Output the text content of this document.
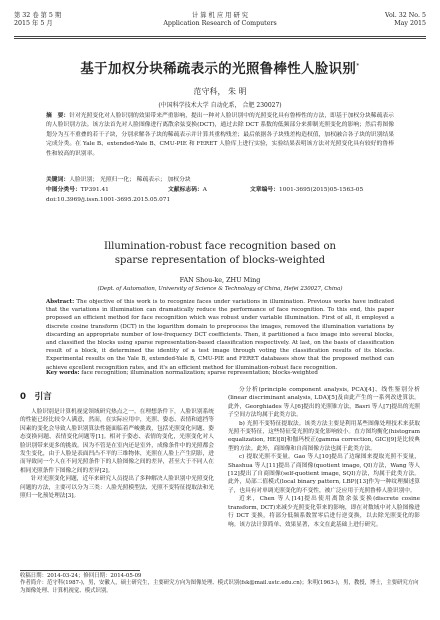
第 32 卷 第 5 期
2015 年 5 月
计 算 机 应 用 研 究
Application Research of Computers
Vol. 32 No. 5
May 2015
基于加权分块稀疏表示的光照鲁棒性人脸识别*
范守科， 朱 明
(中国科学技术大学 自动化系， 合肥 230027)
摘　要：针对光照变化对人脸识别的效果带来严重影响，提出一种对人脸识别中的光照变化具有鲁棒性的方法，即基于加权分块稀疏表示的人脸识别方法。该方法首先对人脸图像进行离散余弦变换(DCT)，通过去除 DCT 系数的低频部分来抑制光照变化的影响；然后将图像划分为互不重叠的若干子块，分别求解各子块的稀疏表示并计算其重构残差；最后依据各子块残差构造权值，加权融合各子块的识别结果完成分类。在 Yale B、extended-Yale B、CMU-PIE 和 FERET 人脸库上进行实验，实验结果表明该方法对光照变化具有较好的鲁棒性和较高的识别率。
关键词：人脸识别； 光照归一化； 稀疏表示； 加权分块
中图分类号：TP391.41	文献标志码：A	文章编号：1001-3695(2015)05-1563-05
doi:10.3969/j.issn.1001-3695.2015.05.071
Illumination-robust face recognition based on
sparse representation of blocks-weighted
FAN Shou-ke, ZHU Ming
(Dept. of Automation, University of Science & Technology of China, Hefei 230027, China)
Abstract: The objective of this work is to recognize faces under variations in illumination. Previous works have indicated that the variations in illumination can dramatically reduce the performance of face recognition. To this end, this paper proposed an efficient method for face recognition which was robust under variable illumination. First of all, it employed a discrete cosine transform (DCT) in the logarithm domain to preprocess the images, removed the illumination variations by discarding an appropriate number of low-frequency DCT coefficients. Then, it partitioned a face image into several blocks, and classified the blocks using sparse representation-based classification respectively. At last, on the basis of classification result of a block, it determined the identity of a test image through voting the classification results of its blocks. Experimental results on the Yale B, extended-Yale B, CMU-PIE and FERET databases show that the proposed method can achieve excellent recognition rates, and it's an efficient method for illumination-robust face recognition.
Key words: face recognition; illumination normalization; sparse representation; blocks-weighted
0　引言

人脸识别是计算机视觉领域研究热点之一。在理想条件下，人脸识别系统的性能已经比较令人满意，然而，在实际应用中，光照、姿态、表情和遮挡等因素的变化会导致人脸识别算法性能面临着严峻挑战，包括光照变化问题、姿态变换问题、表情变化问题等[1]。相对于姿态、表情的变化，光照变化对人脸识别带来更多的挑战。因为不管是在室内还是室外，成像条件中的光照都会发生变化，由于人脸是表面凹凸不平的三维物体，光照在人脸上产生阴影，进而导致同一个人在不同光照条件下的人脸图像之间的差异，甚至大于不同人在相同光照条件下图像之间的差异[2]。

针对光照变化问题，近年来研究人员提出了多种解决人脸识别中光照变化问题的方法，主要可以分为三类：人脸光照模型法、光照不变特征提取法和光照归一化预处理法[3]。

分分析(principle component analysis, PCA)[4]、线性鉴别分析(linear discriminant analysis, LDA)[5]及由此产生的一系列改进算法。此外，Georghiades 等人[6]提出的光照锥方法，Basri 等人[7]提出的光照子空间方法均属于此类方法。

b) 光照不变特征提取法。该类方法主要是利用某些图像处理技术来获取光照不变特征，这些特征受光照的变化影响较小。直方图均衡化(histogram equalization, HE)[8]和伽玛校正(gamma correction, GIC)[9]是比较典型的方法。此外，商图像和自商图像方法也属于此类方法。

c) 提取光照不变量。Gao 等人[10]提出了边缘图来提取光照不变量，Shashua 等人[11]提出了商图像(quotient image, QI)方法，Wang 等人[12]提出了自商图像(self-quotient image, SQI)方法，均属于此类方法。此外，局部二值模式(local binary pattern, LBP)[13]作为一种纹理描述算子，也具有对单调光照变化的不变性，被广泛应用于光照鲁棒人脸识别中。

近来，Chen 等人[14]提出使用离散余弦变换(discrete cosine transform, DCT)来减少光照变化带来的影响，即在对数域中对人脸图像进行 DCT 变换，将部分低频系数置零后进行逆变换，以去除光照变化的影响。该方法计算简单、效果显著，本文在此基础上进行研究。

收稿日期：2014-03-24；修回日期：2014-05-09

作者简介：范守科(1987-)，男，安徽人，硕士研究生，主要研究方向为图像处理、模式识别(fsk@mail.ustc.edu.cn)；朱明(1963-)，男，教授，博士，主要研究方向为图像处理、计算机视觉、模式识别。
